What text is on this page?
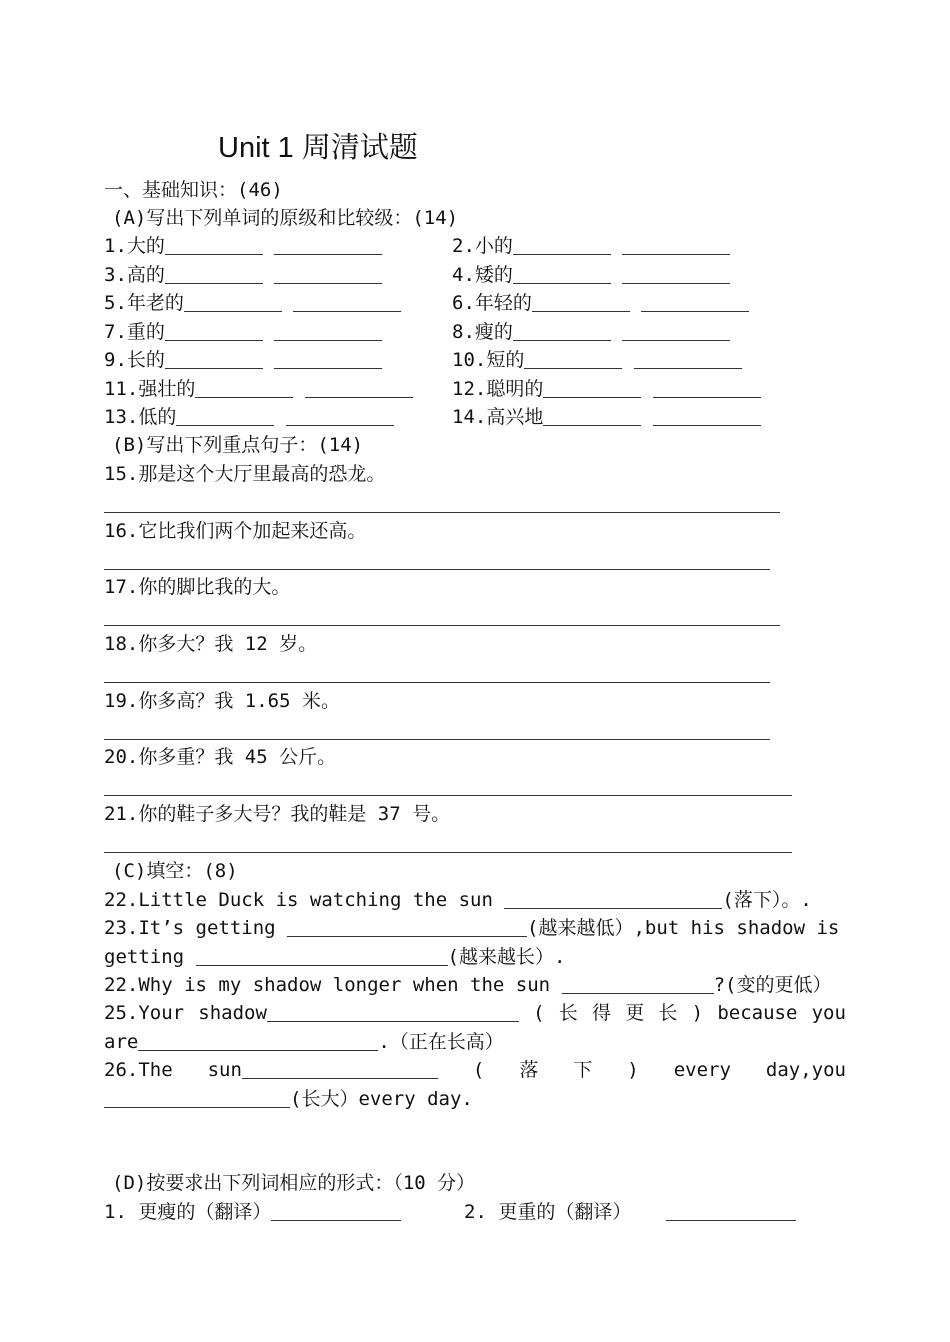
Unit 1 周清试题
一、基础知识：(46)
(A)写出下列单词的原级和比较级：(14)
1.大的	2.小的
3.高的	4.矮的
5.年老的	6.年轻的
7.重的	8.瘦的
9.长的	10.短的
11.强壮的	12.聪明的
13.低的	14.高兴地
(B)写出下列重点句子：(14)
15.那是这个大厅里最高的恐龙。
16.它比我们两个加起来还高。
17.你的脚比我的大。
18.你多大？我 12 岁。
19.你多高？我 1.65 米。
20.你多重？我 45 公斤。
21.你的鞋子多大号？我的鞋是 37 号。
(C)填空：(8)
22.Little Duck is watching the sun	(落下）。.
23.It’s getting	(越来越低）,but his shadow is
getting	(越来越长）.
22.Why is my shadow longer when the sun	?(变的更低）
25.Your shadow	( 长 得 更 长 ) because you
are	.（正在长高）
26.The sun	( 落 下 ) every day,you
(长大）every day.
(D)按要求出下列词相应的形式：（10 分）
1. 更瘦的（翻译）	2. 更重的（翻译）
